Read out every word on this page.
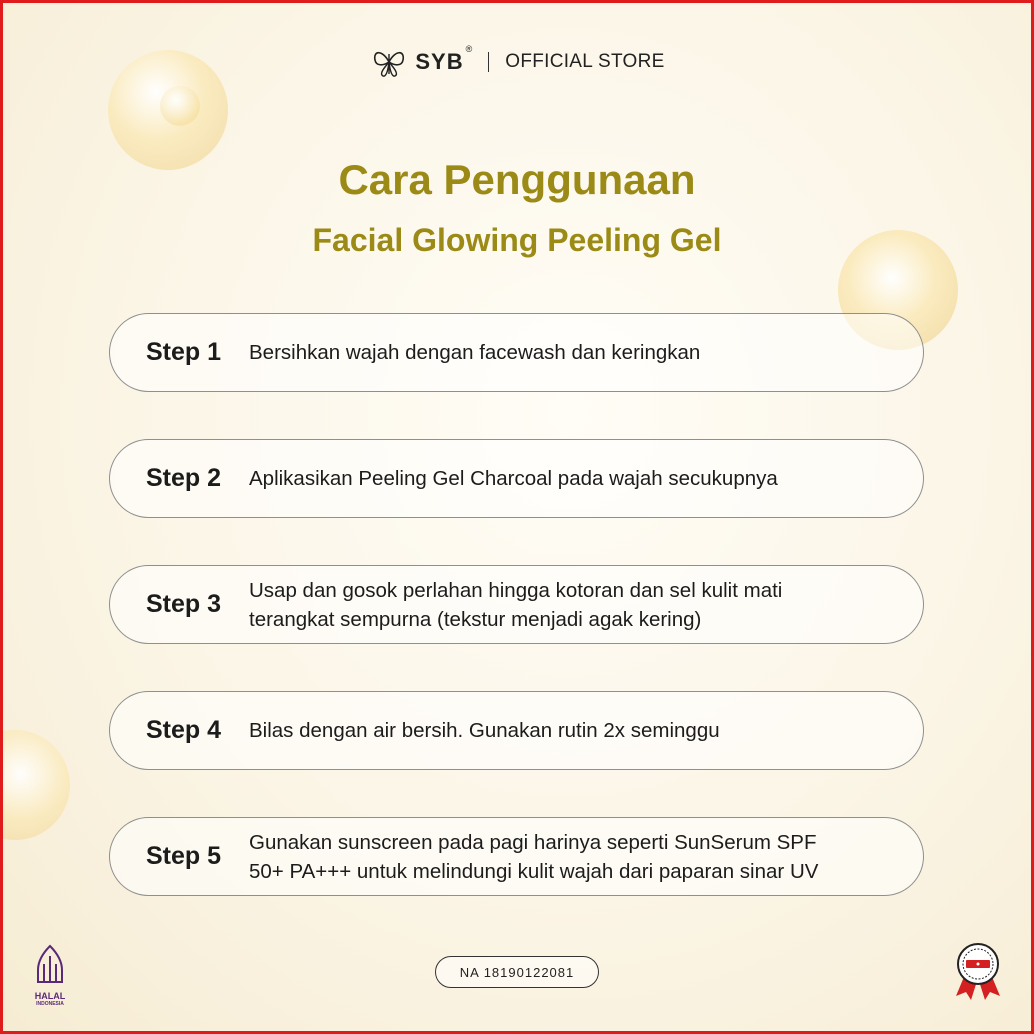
SYB®
OFFICIAL STORE
Cara Penggunaan
Facial Glowing Peeling Gel
Step 1	Bersihkan wajah dengan facewash dan keringkan
Step 2	Aplikasikan Peeling Gel Charcoal pada wajah secukupnya
Step 3	Usap dan gosok perlahan hingga kotoran dan sel kulit mati
terangkat sempurna (tekstur menjadi agak kering)
Step 4	Bilas dengan air bersih. Gunakan rutin 2x seminggu
Step 5	Gunakan sunscreen pada pagi harinya seperti SunSerum SPF
50+ PA+++ untuk melindungi kulit wajah dari paparan sinar UV
HALAL
INDONESIA
NA 18190122081
